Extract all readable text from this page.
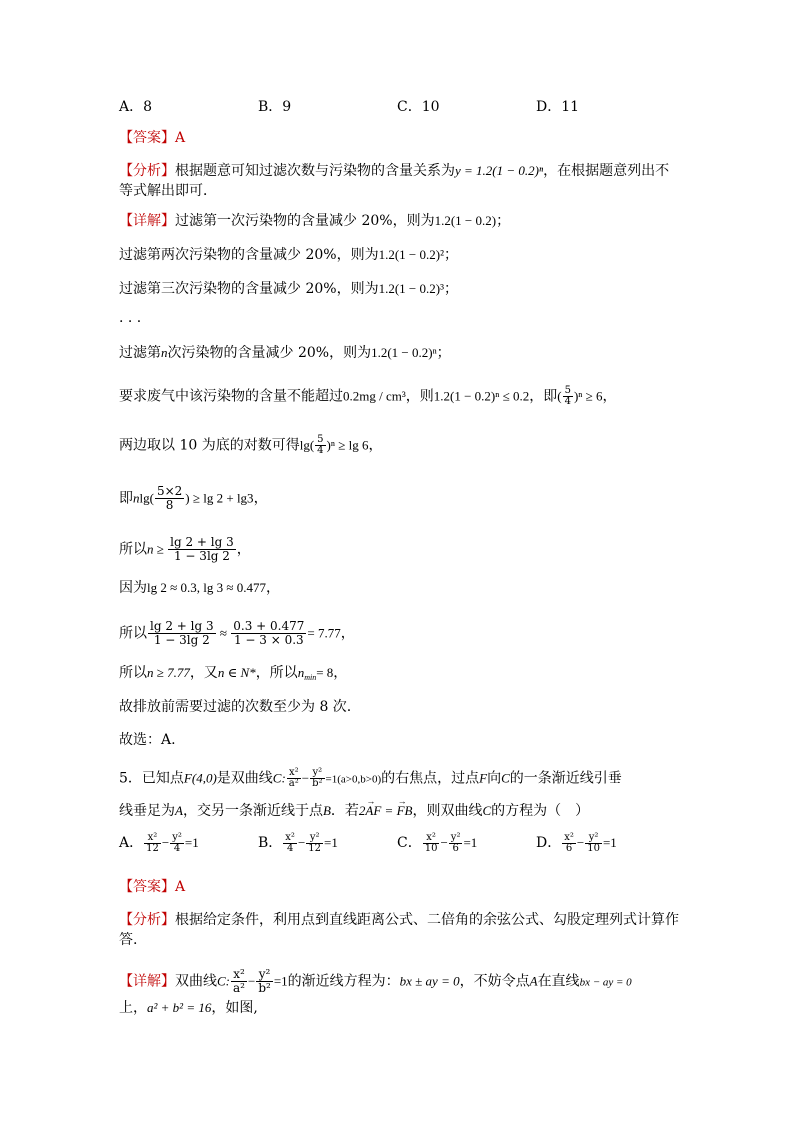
A．8	B．9	C．10	D．11
【答案】A
【分析】根据题意可知过滤次数与污染物的含量关系为y = 1.2(1 − 0.2)ⁿ，在根据题意列出不
等式解出即可．
【详解】过滤第一次污染物的含量减少 20%，则为1.2(1 − 0.2)；
过滤第两次污染物的含量减少 20%，则为1.2(1 − 0.2)²；
过滤第三次污染物的含量减少 20%，则为1.2(1 − 0.2)³；
· · ·
过滤第n次污染物的含量减少 20%，则为1.2(1 − 0.2)ⁿ；
要求废气中该污染物的含量不能超过0.2mg / cm³，则1.2(1 − 0.2)ⁿ ≤ 0.2，即( $\frac{5}{4} )^n \ge 6$，
两边取以 10 为底的对数可得$\lg( \frac{5}{4} )^n \ge \lg 6$，
即$nlg( \frac{5\times 2}{8}$ ) ≥ lg 2 + lg3，
所以$n \ge \frac{\lg 2 + \lg 3}{1 - 3\lg 2}$ ，
因为lg 2 ≈ 0.3, lg 3 ≈ 0.477，
所以 $\frac{\lg 2 + \lg 3}{1 - 3\lg 2} \approx \frac{0.3 + 0.477}{1 - 3 \times 0.3} = 7.77$，
所以n ≥ 7.77，又n ∈ N*，所以$n_{min}= 8$，
故排放前需要过滤的次数至少为 8 次.
故选：A.
5．已知点F(4,0)是双曲线C: $\frac{\text{x²}}{\text{a²}} - \frac{\text{y²}}{\text{b²}} =1(a>0,b>0)$的右焦点，过点F向C的一条渐近线引垂
线垂足为A，交另一条渐近线于点B．若2→ AF = → FB，则双曲线C的方程为（　）
A． $\frac{\text{x²}}{12} - \frac{\text{y²}}{4} =1$	B． $\frac{\text{x²}}{4} - \frac{\text{y²}}{12} =1$	C． $\frac{\text{x²}}{10} - \frac{\text{y²}}{6} =1$	D． $\frac{\text{x²}}{6} - \frac{\text{y²}}{10} =1$
【答案】A
【分析】根据给定条件，利用点到直线距离公式、二倍角的余弦公式、勾股定理列式计算作
答.
【详解】双曲线C: $\frac{\text{x²}}{\text{a²}} - \frac{\text{y²}}{\text{b²}} =1$的渐近线方程为：bx ± ay = 0，不妨令点A在直线bx − ay = 0
上，a² + b² = 16，如图,
